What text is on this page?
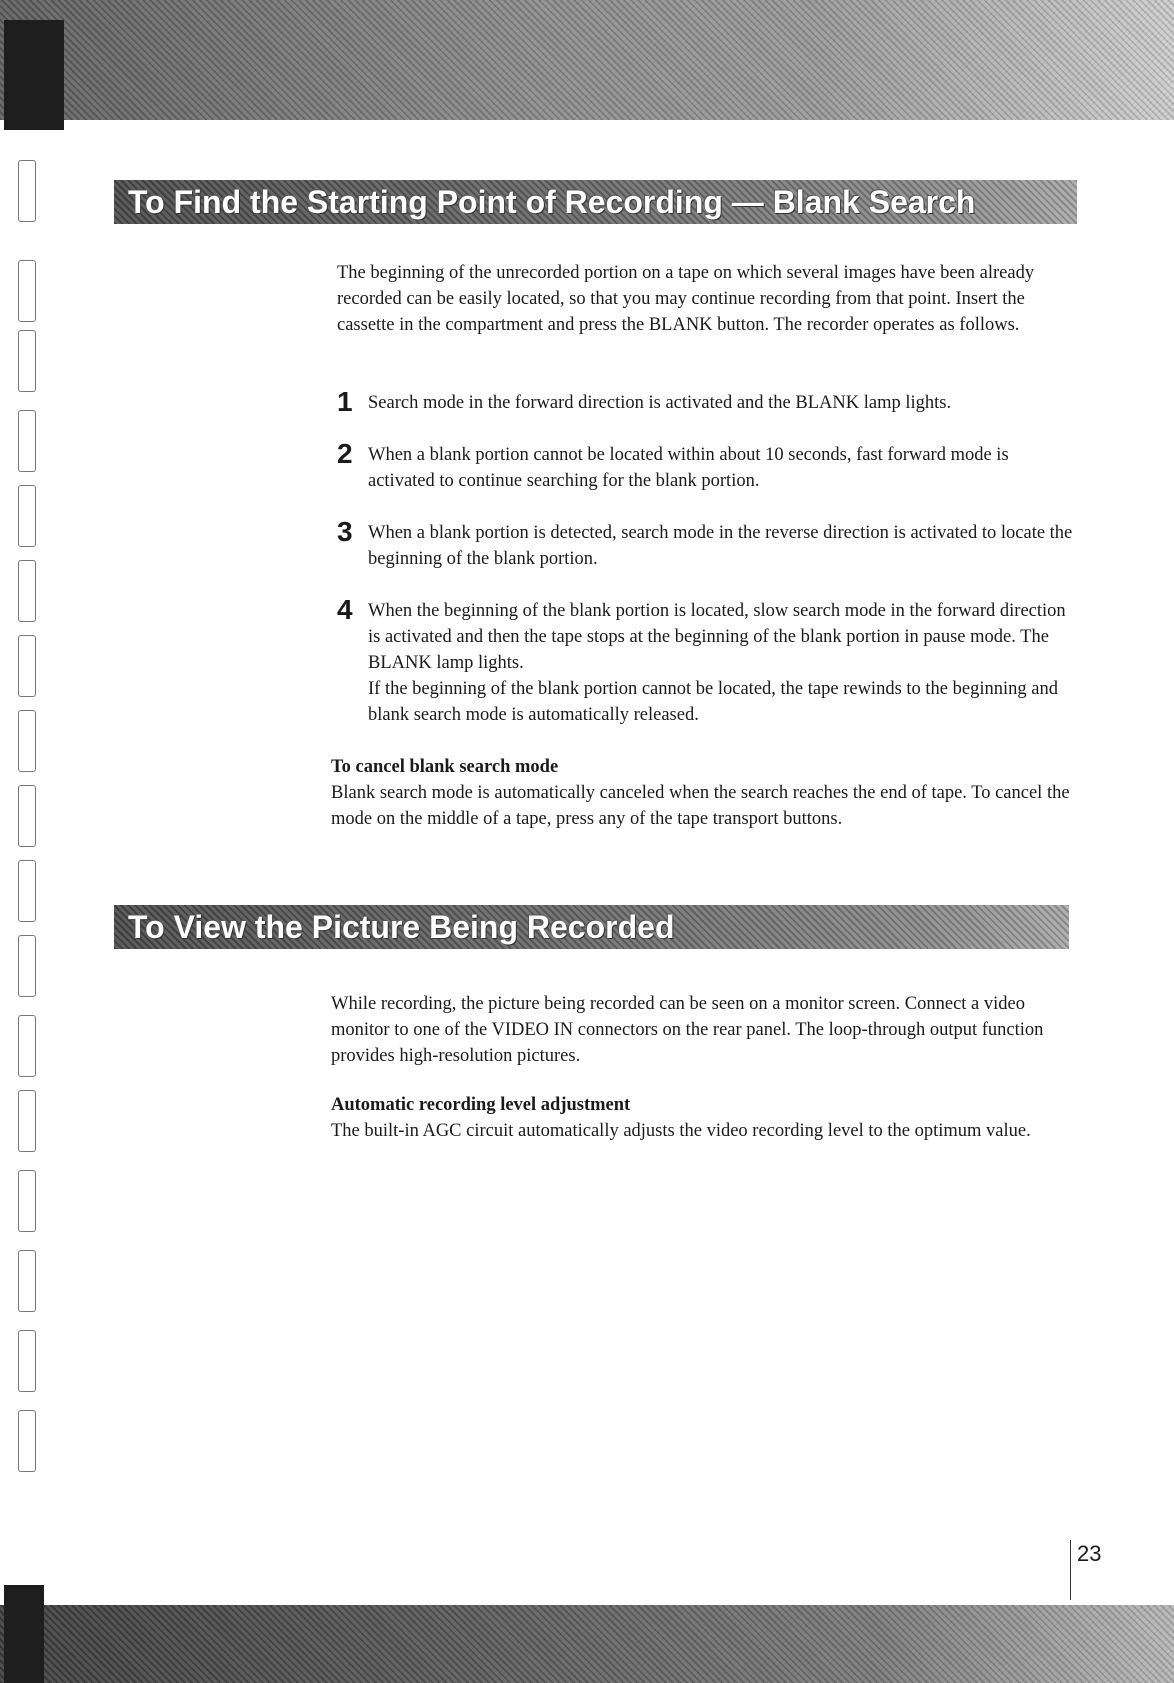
To Find the Starting Point of Recording — Blank Search

The beginning of the unrecorded portion on a tape on which several images have been already recorded can be easily located, so that you may continue recording from that point. Insert the cassette in the compartment and press the BLANK button. The recorder operates as follows.

1 Search mode in the forward direction is activated and the BLANK lamp lights.
2 When a blank portion cannot be located within about 10 seconds, fast forward mode is activated to continue searching for the blank portion.
3 When a blank portion is detected, search mode in the reverse direction is activated to locate the beginning of the blank portion.
4 When the beginning of the blank portion is located, slow search mode in the forward direction is activated and then the tape stops at the beginning of the blank portion in pause mode. The BLANK lamp lights.
If the beginning of the blank portion cannot be located, the tape rewinds to the beginning and blank search mode is automatically released.

To cancel blank search mode

Blank search mode is automatically canceled when the search reaches the end of tape. To cancel the mode on the middle of a tape, press any of the tape transport buttons.

To View the Picture Being Recorded

While recording, the picture being recorded can be seen on a monitor screen. Connect a video monitor to one of the VIDEO IN connectors on the rear panel. The loop-through output function provides high-resolution pictures.

Automatic recording level adjustment

The built-in AGC circuit automatically adjusts the video recording level to the optimum value.

23
